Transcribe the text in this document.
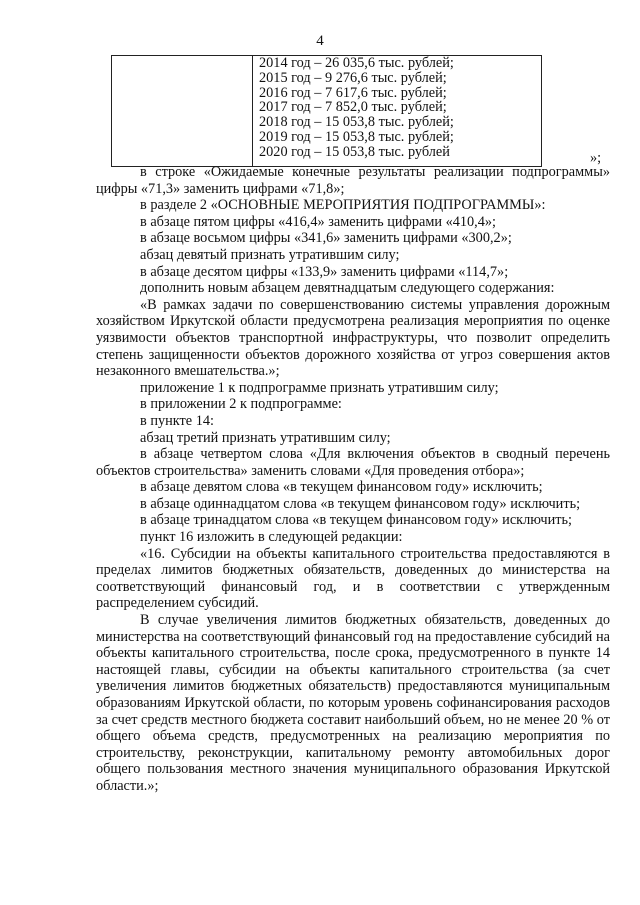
4

2014 год – 26 035,6 тыс. рублей;
2015 год – 9 276,6 тыс. рублей;
2016 год – 7 617,6 тыс. рублей;
2017 год – 7 852,0 тыс. рублей;
2018 год – 15 053,8 тыс. рублей;
2019 год – 15 053,8 тыс. рублей;
2020 год – 15 053,8 тыс. рублей	»;

в строке «Ожидаемые конечные результаты реализации подпрограммы» цифры «71,3» заменить цифрами «71,8»;

в разделе 2 «ОСНОВНЫЕ МЕРОПРИЯТИЯ ПОДПРОГРАММЫ»:

в абзаце пятом цифры «416,4» заменить цифрами «410,4»;

в абзаце восьмом цифры «341,6» заменить цифрами «300,2»;

абзац девятый признать утратившим силу;

в абзаце десятом цифры «133,9» заменить цифрами «114,7»;

дополнить новым абзацем девятнадцатым следующего содержания:

«В рамках задачи по совершенствованию системы управления дорожным хозяйством Иркутской области предусмотрена реализация мероприятия по оценке уязвимости объектов транспортной инфраструктуры, что позволит определить степень защищенности объектов дорожного хозяйства от угроз совершения актов незаконного вмешательства.»;

приложение 1 к подпрограмме признать утратившим силу;

в приложении 2 к подпрограмме:

в пункте 14:

абзац третий признать утратившим силу;

в абзаце четвертом слова «Для включения объектов в сводный перечень объектов строительства» заменить словами «Для проведения отбора»;

в абзаце девятом слова «в текущем финансовом году» исключить;

в абзаце одиннадцатом слова «в текущем финансовом году» исключить;

в абзаце тринадцатом слова «в текущем финансовом году» исключить;

пункт 16 изложить в следующей редакции:

«16. Субсидии на объекты капитального строительства предоставляются в пределах лимитов бюджетных обязательств, доведенных до министерства на соответствующий финансовый год, и в соответствии с утвержденным распределением субсидий.

В случае увеличения лимитов бюджетных обязательств, доведенных до министерства на соответствующий финансовый год на предоставление субсидий на объекты капитального строительства, после срока, предусмотренного в пункте 14 настоящей главы, субсидии на объекты капитального строительства (за счет увеличения лимитов бюджетных обязательств) предоставляются муниципальным образованиям Иркутской области, по которым уровень софинансирования расходов за счет средств местного бюджета составит наибольший объем, но не менее 20 % от общего объема средств, предусмотренных на реализацию мероприятия по строительству, реконструкции, капитальному ремонту автомобильных дорог общего пользования местного значения муниципального образования Иркутской области.»;
